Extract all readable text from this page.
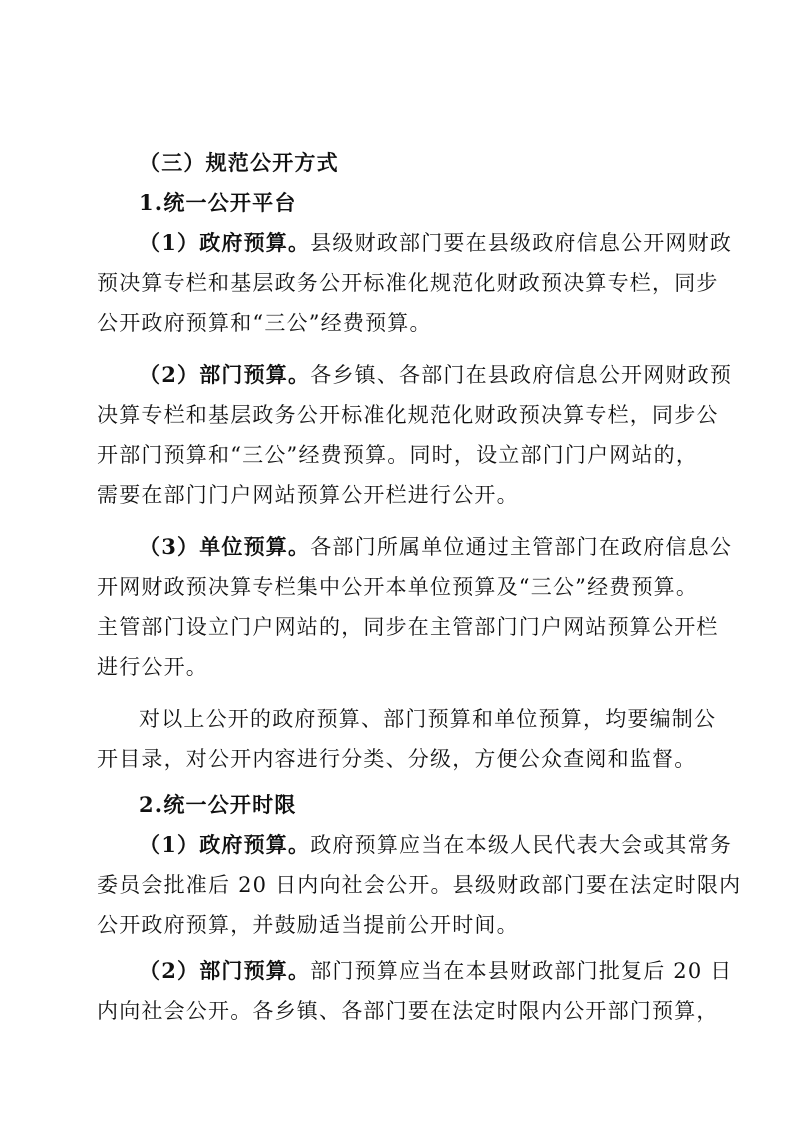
（三）规范公开方式
1.统一公开平台
（1）政府预算。县级财政部门要在县级政府信息公开网财政
预决算专栏和基层政务公开标准化规范化财政预决算专栏，同步
公开政府预算和“三公”经费预算。
（2）部门预算。各乡镇、各部门在县政府信息公开网财政预
决算专栏和基层政务公开标准化规范化财政预决算专栏，同步公
开部门预算和“三公”经费预算。同时，设立部门门户网站的，
需要在部门门户网站预算公开栏进行公开。
（3）单位预算。各部门所属单位通过主管部门在政府信息公
开网财政预决算专栏集中公开本单位预算及“三公”经费预算。
主管部门设立门户网站的，同步在主管部门门户网站预算公开栏
进行公开。
对以上公开的政府预算、部门预算和单位预算，均要编制公
开目录，对公开内容进行分类、分级，方便公众查阅和监督。
2.统一公开时限
（1）政府预算。政府预算应当在本级人民代表大会或其常务
委员会批准后 20 日内向社会公开。县级财政部门要在法定时限内
公开政府预算，并鼓励适当提前公开时间。
（2）部门预算。部门预算应当在本县财政部门批复后 20 日
内向社会公开。各乡镇、各部门要在法定时限内公开部门预算，
